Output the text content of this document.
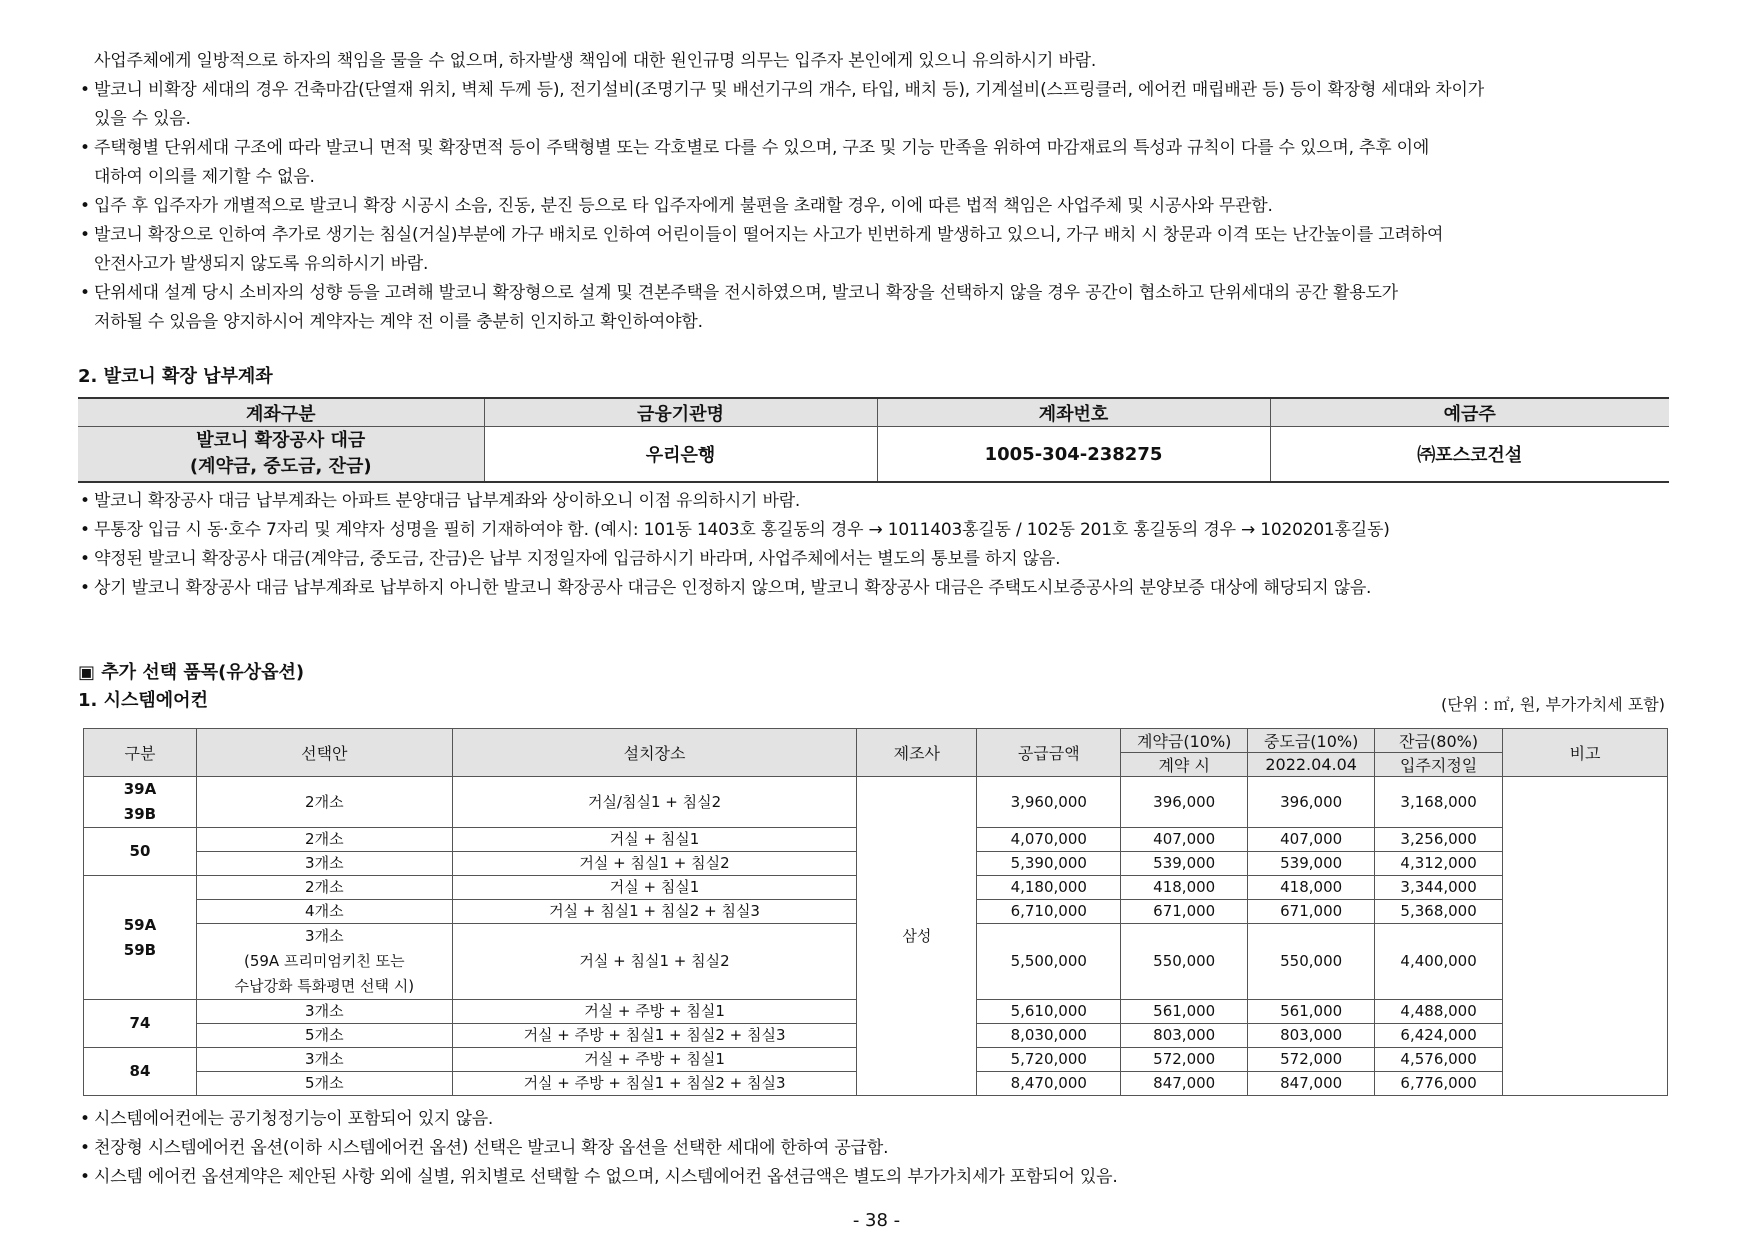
사업주체에게 일방적으로 하자의 책임을 물을 수 없으며, 하자발생 책임에 대한 원인규명 의무는 입주자 본인에게 있으니 유의하시기 바람.
• 발코니 비확장 세대의 경우 건축마감(단열재 위치, 벽체 두께 등), 전기설비(조명기구 및 배선기구의 개수, 타입, 배치 등), 기계설비(스프링클러, 에어컨 매립배관 등) 등이 확장형 세대와 차이가
있을 수 있음.
• 주택형별 단위세대 구조에 따라 발코니 면적 및 확장면적 등이 주택형별 또는 각호별로 다를 수 있으며, 구조 및 기능 만족을 위하여 마감재료의 특성과 규칙이 다를 수 있으며, 추후 이에
대하여 이의를 제기할 수 없음.
• 입주 후 입주자가 개별적으로 발코니 확장 시공시 소음, 진동, 분진 등으로 타 입주자에게 불편을 초래할 경우, 이에 따른 법적 책임은 사업주체 및 시공사와 무관함.
• 발코니 확장으로 인하여 추가로 생기는 침실(거실)부분에 가구 배치로 인하여 어린이들이 떨어지는 사고가 빈번하게 발생하고 있으니, 가구 배치 시 창문과 이격 또는 난간높이를 고려하여
안전사고가 발생되지 않도록 유의하시기 바람.
• 단위세대 설계 당시 소비자의 성향 등을 고려해 발코니 확장형으로 설계 및 견본주택을 전시하였으며, 발코니 확장을 선택하지 않을 경우 공간이 협소하고 단위세대의 공간 활용도가
저하될 수 있음을 양지하시어 계약자는 계약 전 이를 충분히 인지하고 확인하여야함.
2. 발코니 확장 납부계좌
계좌구분	금융기관명	계좌번호	예금주

발코니 확장공사 대금
(계약금, 중도금, 잔금)	우리은행	1005-304-238275	㈜포스코건설
• 발코니 확장공사 대금 납부계좌는 아파트 분양대금 납부계좌와 상이하오니 이점 유의하시기 바람.
• 무통장 입금 시 동·호수 7자리 및 계약자 성명을 필히 기재하여야 함. (예시: 101동 1403호 홍길동의 경우 → 1011403홍길동 / 102동 201호 홍길동의 경우 → 1020201홍길동)
• 약정된 발코니 확장공사 대금(계약금, 중도금, 잔금)은 납부 지정일자에 입금하시기 바라며, 사업주체에서는 별도의 통보를 하지 않음.
• 상기 발코니 확장공사 대금 납부계좌로 납부하지 아니한 발코니 확장공사 대금은 인정하지 않으며, 발코니 확장공사 대금은 주택도시보증공사의 분양보증 대상에 해당되지 않음.
▣ 추가 선택 품목(유상옵션)
1. 시스템에어컨	(단위 : ㎡, 원, 부가가치세 포함)
구분	선택안	설치장소	제조사	공급금액	계약금(10%)	중도금(10%)	잔금(80%)	비고
					계약 시	2022.04.04	입주지정일	

39A
39B	2개소	거실/침실1 + 침실2	삼성	3,960,000	396,000	396,000	3,168,000	
50	2개소	거실 + 침실1		4,070,000	407,000	407,000	3,256,000	
	3개소	거실 + 침실1 + 침실2		5,390,000	539,000	539,000	4,312,000	

59A
59B	2개소	거실 + 침실1		4,180,000	418,000	418,000	3,344,000	
	4개소	거실 + 침실1 + 침실2 + 침실3		6,710,000	671,000	671,000	5,368,000	

	3개소
(59A 프리미엄키친 또는
수납강화 특화평면 선택 시)	거실 + 침실1 + 침실2		5,500,000	550,000	550,000	4,400,000	
74	3개소	거실 + 주방 + 침실1		5,610,000	561,000	561,000	4,488,000	
	5개소	거실 + 주방 + 침실1 + 침실2 + 침실3		8,030,000	803,000	803,000	6,424,000	
84	3개소	거실 + 주방 + 침실1		5,720,000	572,000	572,000	4,576,000	
	5개소	거실 + 주방 + 침실1 + 침실2 + 침실3		8,470,000	847,000	847,000	6,776,000	
• 시스템에어컨에는 공기청정기능이 포함되어 있지 않음.
• 천장형 시스템에어컨 옵션(이하 시스템에어컨 옵션) 선택은 발코니 확장 옵션을 선택한 세대에 한하여 공급함.
• 시스템 에어컨 옵션계약은 제안된 사항 외에 실별, 위치별로 선택할 수 없으며, 시스템에어컨 옵션금액은 별도의 부가가치세가 포함되어 있음.
- 38 -
